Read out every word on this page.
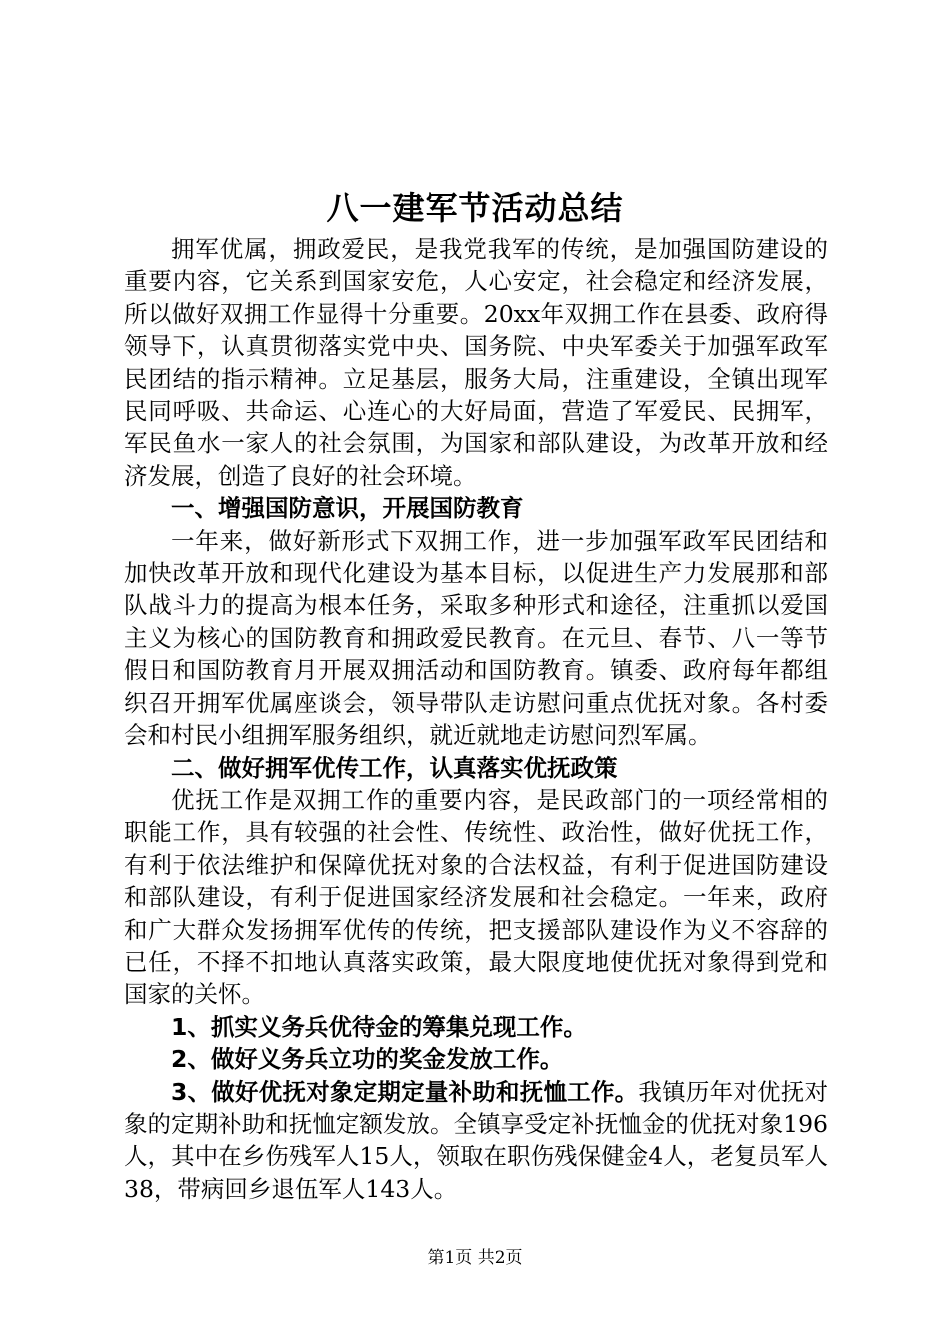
八一建军节活动总结

拥军优属，拥政爱民，是我党我军的传统，是加强国防建设的重要内容，它关系到国家安危，人心安定，社会稳定和经济发展，所以做好双拥工作显得十分重要。20xx年双拥工作在县委、政府得领导下，认真贯彻落实党中央、国务院、中央军委关于加强军政军民团结的指示精神。立足基层，服务大局，注重建设，全镇出现军民同呼吸、共命运、心连心的大好局面，营造了军爱民、民拥军，军民鱼水一家人的社会氛围，为国家和部队建设，为改革开放和经济发展，创造了良好的社会环境。

一、增强国防意识，开展国防教育

一年来，做好新形式下双拥工作，进一步加强军政军民团结和加快改革开放和现代化建设为基本目标，以促进生产力发展那和部队战斗力的提高为根本任务，采取多种形式和途径，注重抓以爱国主义为核心的国防教育和拥政爱民教育。在元旦、春节、八一等节假日和国防教育月开展双拥活动和国防教育。镇委、政府每年都组织召开拥军优属座谈会，领导带队走访慰问重点优抚对象。各村委会和村民小组拥军服务组织，就近就地走访慰问烈军属。

二、做好拥军优传工作，认真落实优抚政策

优抚工作是双拥工作的重要内容，是民政部门的一项经常相的职能工作，具有较强的社会性、传统性、政治性，做好优抚工作，有利于依法维护和保障优抚对象的合法权益，有利于促进国防建设和部队建设，有利于促进国家经济发展和社会稳定。一年来，政府和广大群众发扬拥军优传的传统，把支援部队建设作为义不容辞的已任，不择不扣地认真落实政策，最大限度地使优抚对象得到党和国家的关怀。

1、抓实义务兵优待金的筹集兑现工作。

2、做好义务兵立功的奖金发放工作。

3、做好优抚对象定期定量补助和抚恤工作。我镇历年对优抚对象的定期补助和抚恤定额发放。全镇享受定补抚恤金的优抚对象196人，其中在乡伤残军人15人，领取在职伤残保健金4人，老复员军人38，带病回乡退伍军人143人。

第1页 共2页
